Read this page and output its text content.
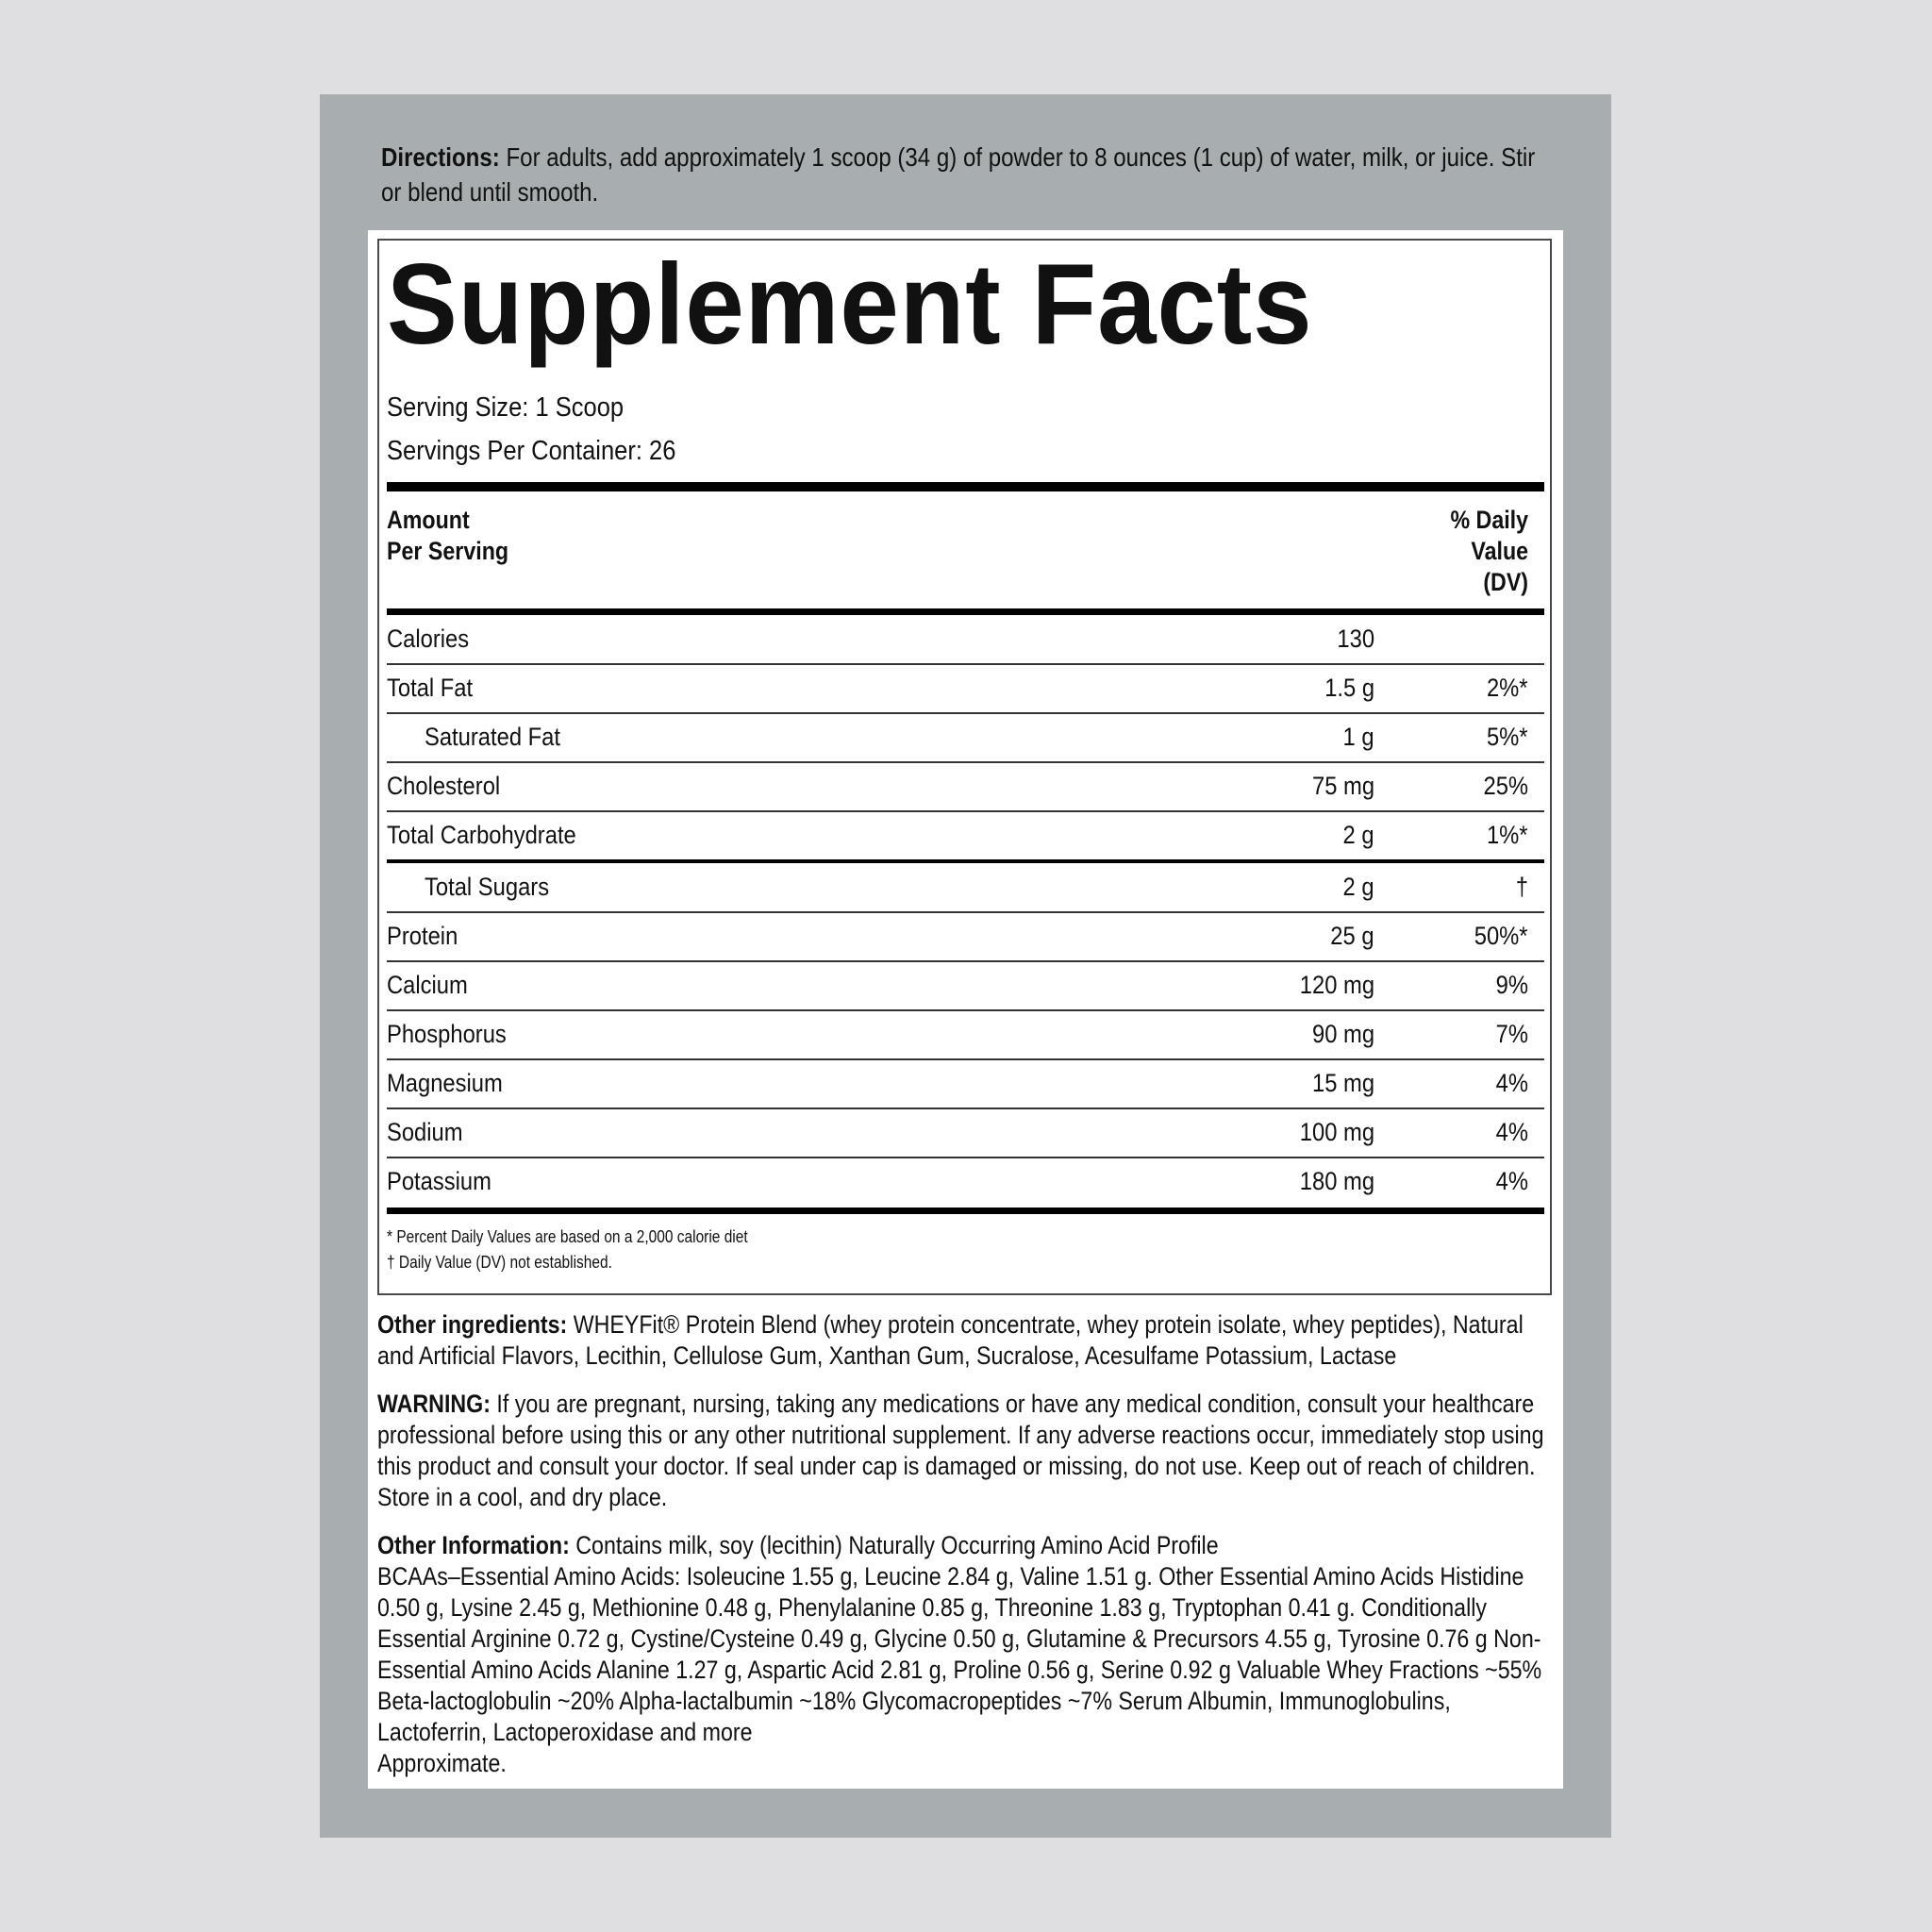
Directions: For adults, add approximately 1 scoop (34 g) of powder to 8 ounces (1 cup) of water, milk, or juice. Stir or blend until smooth.
Supplement Facts
Serving Size: 1 Scoop
Servings Per Container: 26
Amount
Per Serving
% Daily
Value
(DV)
Calories	130
Total Fat	1.5 g	2%*
Saturated Fat	1 g	5%*
Cholesterol	75 mg	25%
Total Carbohydrate	2 g	1%*
Total Sugars	2 g	†
Protein	25 g	50%*
Calcium	120 mg	9%
Phosphorus	90 mg	7%
Magnesium	15 mg	4%
Sodium	100 mg	4%
Potassium	180 mg	4%
* Percent Daily Values are based on a 2,000 calorie diet
† Daily Value (DV) not established.

Other ingredients: WHEYFit® Protein Blend (whey protein concentrate, whey protein isolate, whey peptides), Natural and Artificial Flavors, Lecithin, Cellulose Gum, Xanthan Gum, Sucralose, Acesulfame Potassium, Lactase

WARNING: If you are pregnant, nursing, taking any medications or have any medical condition, consult your healthcare professional before using this or any other nutritional supplement. If any adverse reactions occur, immediately stop using this product and consult your doctor. If seal under cap is damaged or missing, do not use. Keep out of reach of children. Store in a cool, and dry place.

Other Information: Contains milk, soy (lecithin) Naturally Occurring Amino Acid Profile

BCAAs–Essential Amino Acids: Isoleucine 1.55 g, Leucine 2.84 g, Valine 1.51 g. Other Essential Amino Acids Histidine 0.50 g, Lysine 2.45 g, Methionine 0.48 g, Phenylalanine 0.85 g, Threonine 1.83 g, Tryptophan 0.41 g. Conditionally Essential Arginine 0.72 g, Cystine/Cysteine 0.49 g, Glycine 0.50 g, Glutamine & Precursors 4.55 g, Tyrosine 0.76 g Non-Essential Amino Acids Alanine 1.27 g, Aspartic Acid 2.81 g, Proline 0.56 g, Serine 0.92 g Valuable Whey Fractions ~55% Beta-lactoglobulin ~20% Alpha-lactalbumin ~18% Glycomacropeptides ~7% Serum Albumin, Immunoglobulins, Lactoferrin, Lactoperoxidase and more

Approximate.
